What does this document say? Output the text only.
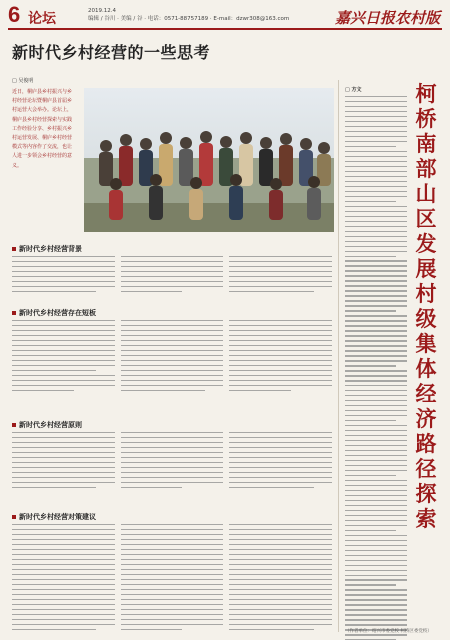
6 论坛	2019.12.4
编辑 / 谷川 · 美编 / 谷 · 电话：0571-88757189 · E-mail：dzwr308@163.com	嘉兴日报农村版
新时代乡村经营的一些思考
□ 吴俊明
近日，桐庐县乡村振兴与乡村经营论坛暨桐庐县首届乡村运营大会举办。论坛上，桐庐县乡村经营探索与实践工作经验分享、乡村振兴乡村运营发展、桐庐乡村经营模式等内容作了交流，也让人进一步领会乡村经营的意义。
新时代乡村经营背景
新时代乡村经营存在短板
新时代乡村经营原则
新时代乡村经营对策建议
□ 方文	柯
桥
南
部
山
区
发
展
村
级
集
体
经
济
路
径
探
索
（作者单位：绍兴市委党校 柯桥区委党校）
